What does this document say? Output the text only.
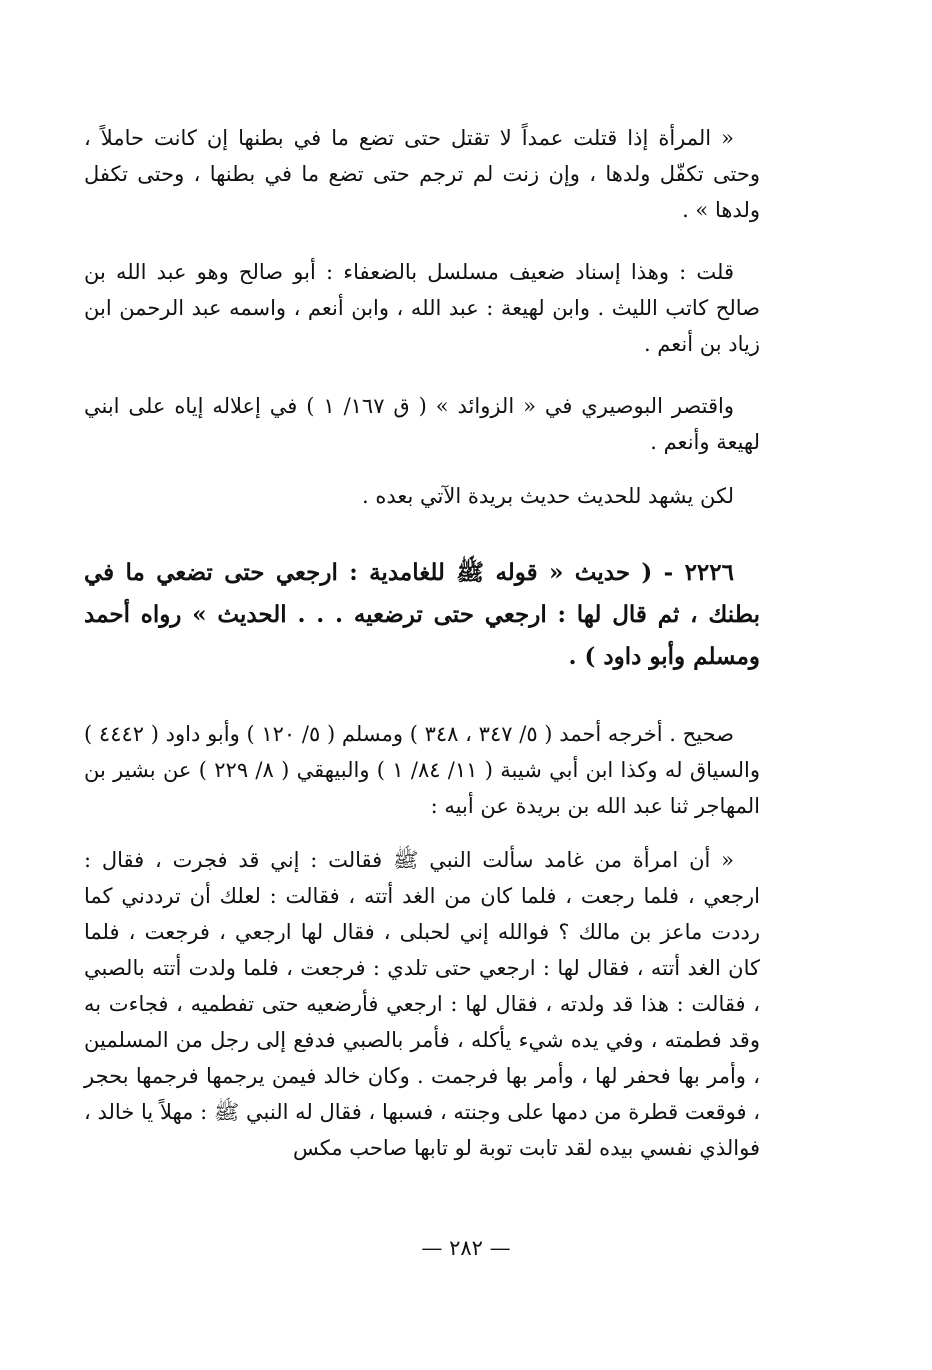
« المرأة إذا قتلت عمداً لا تقتل حتى تضع ما في بطنها إن كانت حاملاً ، وحتى تكفّل ولدها ، وإن زنت لم ترجم حتى تضع ما في بطنها ، وحتى تكفل ولدها » .

قلت : وهذا إسناد ضعيف مسلسل بالضعفاء : أبو صالح وهو عبد الله بن صالح كاتب الليث . وابن لهيعة : عبد الله ، وابن أنعم ، واسمه عبد الرحمن ابن زياد بن أنعم .

واقتصر البوصيري في « الزوائد » ( ق ١٦٧/ ١ ) في إعلاله إياه على ابني لهيعة وأنعم .

لكن يشهد للحديث حديث بريدة الآتي بعده .

٢٢٢٦ - ( حديث « قوله ﷺ للغامدية : ارجعي حتى تضعي ما في بطنك ، ثم قال لها : ارجعي حتى ترضعيه . . . الحديث » رواه أحمد ومسلم وأبو داود ) .

صحيح . أخرجه أحمد ( ٥/ ٣٤٧ ، ٣٤٨ ) ومسلم ( ٥/ ١٢٠ ) وأبو داود ( ٤٤٤٢ ) والسياق له وكذا ابن أبي شيبة ( ١١/ ٨٤/ ١ ) والبيهقي ( ٨/ ٢٢٩ ) عن بشير بن المهاجر ثنا عبد الله بن بريدة عن أبيه :

« أن امرأة من غامد سألت النبي ﷺ فقالت : إني قد فجرت ، فقال : ارجعي ، فلما رجعت ، فلما كان من الغد أتته ، فقالت : لعلك أن ترددني كما رددت ماعز بن مالك ؟ فوالله إني لحبلى ، فقال لها ارجعي ، فرجعت ، فلما كان الغد أتته ، فقال لها : ارجعي حتى تلدي : فرجعت ، فلما ولدت أتته بالصبي ، فقالت : هذا قد ولدته ، فقال لها : ارجعي فأرضعيه حتى تفطميه ، فجاءت به وقد فطمته ، وفي يده شيء يأكله ، فأمر بالصبي فدفع إلى رجل من المسلمين ، وأمر بها فحفر لها ، وأمر بها فرجمت . وكان خالد فيمن يرجمها فرجمها بحجر ، فوقعت قطرة من دمها على وجنته ، فسبها ، فقال له النبي ﷺ : مهلاً يا خالد ، فوالذي نفسي بيده لقد تابت توبة لو تابها صاحب مكس

— ٢٨٢ —
